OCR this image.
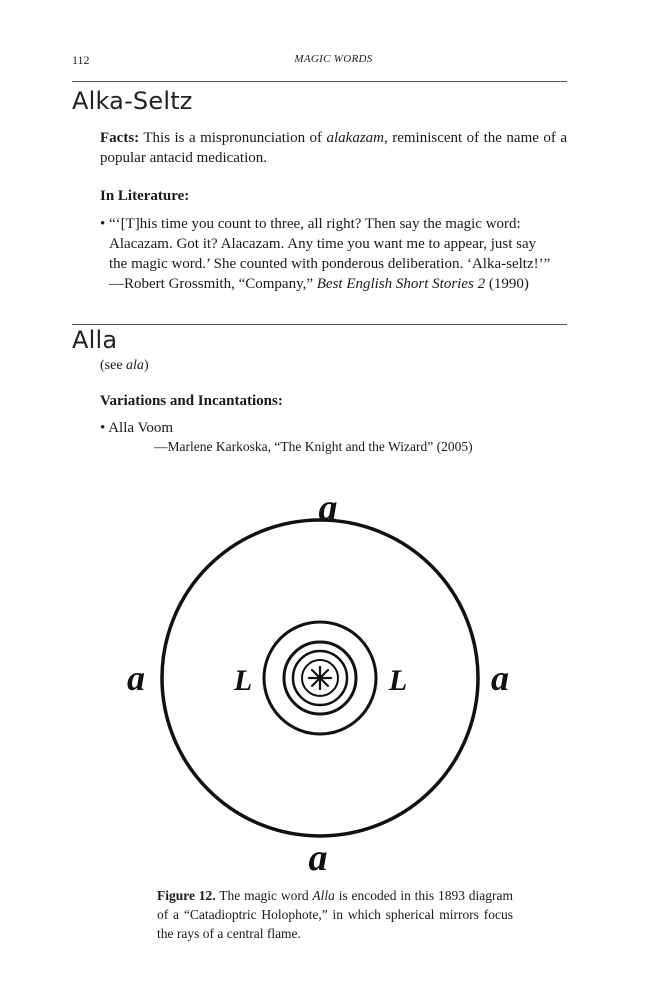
112	MAGIC WORDS
Alka-Seltz

Facts: This is a mispronunciation of alakazam, reminiscent of the name of a popular antacid medication.

In Literature:
• “‘[T]his time you count to three, all right? Then say the magic word:
Alacazam. Got it? Alacazam. Any time you want me to appear, just say
the magic word.’ She counted with ponderous deliberation. ‘Alka-seltz!’”
—Robert Grossmith, “Company,” Best English Short Stories 2 (1990)
Alla
(see ala)
Variations and Incantations:
• Alla Voom
—Marlene Karkoska, “The Knight and the Wizard” (2005)
a
a	a
a
L	L
Figure 12. The magic word Alla is encoded in this 1893 diagram of a “Catadioptric Holophote,” in which spherical mirrors focus the rays of a central flame.
